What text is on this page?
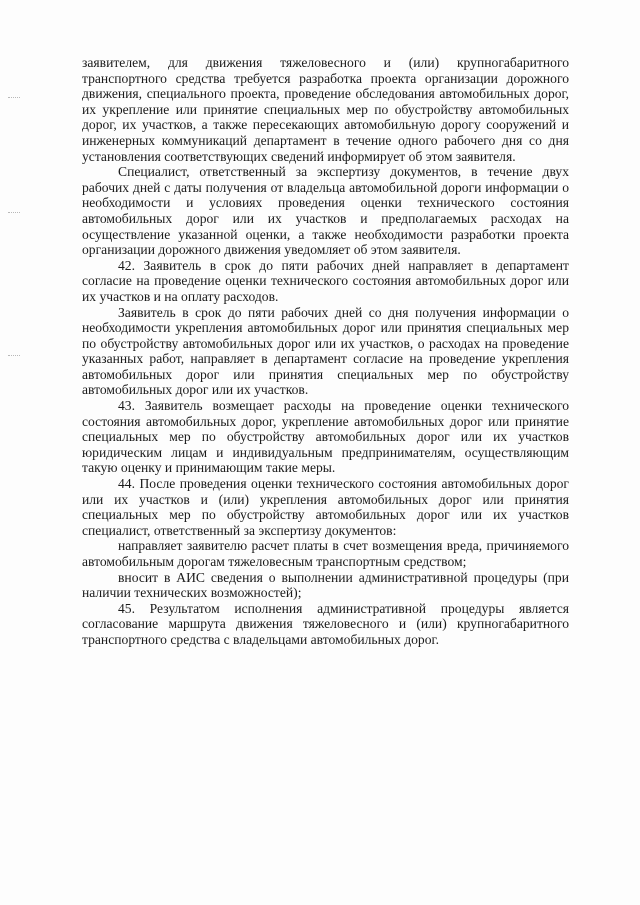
заявителем, для движения тяжеловесного и (или) крупногабаритного транспортного средства требуется разработка проекта организации дорожного движения, специального проекта, проведение обследования автомобильных дорог, их укрепление или принятие специальных мер по обустройству автомобильных дорог, их участков, а также пересекающих автомобильную дорогу сооружений и инженерных коммуникаций департамент в течение одного рабочего дня со дня установления соответствующих сведений информирует об этом заявителя.

Специалист, ответственный за экспертизу документов, в течение двух рабочих дней с даты получения от владельца автомобильной дороги информации о необходимости и условиях проведения оценки технического состояния автомобильных дорог или их участков и предполагаемых расходах на осуществление указанной оценки, а также необходимости разработки проекта организации дорожного движения уведомляет об этом заявителя.

42. Заявитель в срок до пяти рабочих дней направляет в департамент согласие на проведение оценки технического состояния автомобильных дорог или их участков и на оплату расходов.

Заявитель в срок до пяти рабочих дней со дня получения информации о необходимости укрепления автомобильных дорог или принятия специальных мер по обустройству автомобильных дорог или их участков, о расходах на проведение указанных работ, направляет в департамент согласие на проведение укрепления автомобильных дорог или принятия специальных мер по обустройству автомобильных дорог или их участков.

43. Заявитель возмещает расходы на проведение оценки технического состояния автомобильных дорог, укрепление автомобильных дорог или принятие специальных мер по обустройству автомобильных дорог или их участков юридическим лицам и индивидуальным предпринимателям, осуществляющим такую оценку и принимающим такие меры.

44. После проведения оценки технического состояния автомобильных дорог или их участков и (или) укрепления автомобильных дорог или принятия специальных мер по обустройству автомобильных дорог или их участков специалист, ответственный за экспертизу документов:

направляет заявителю расчет платы в счет возмещения вреда, причиняемого автомобильным дорогам тяжеловесным транспортным средством;

вносит в АИС сведения о выполнении административной процедуры (при наличии технических возможностей);

45. Результатом исполнения административной процедуры является согласование маршрута движения тяжеловесного и (или) крупногабаритного транспортного средства с владельцами автомобильных дорог.
